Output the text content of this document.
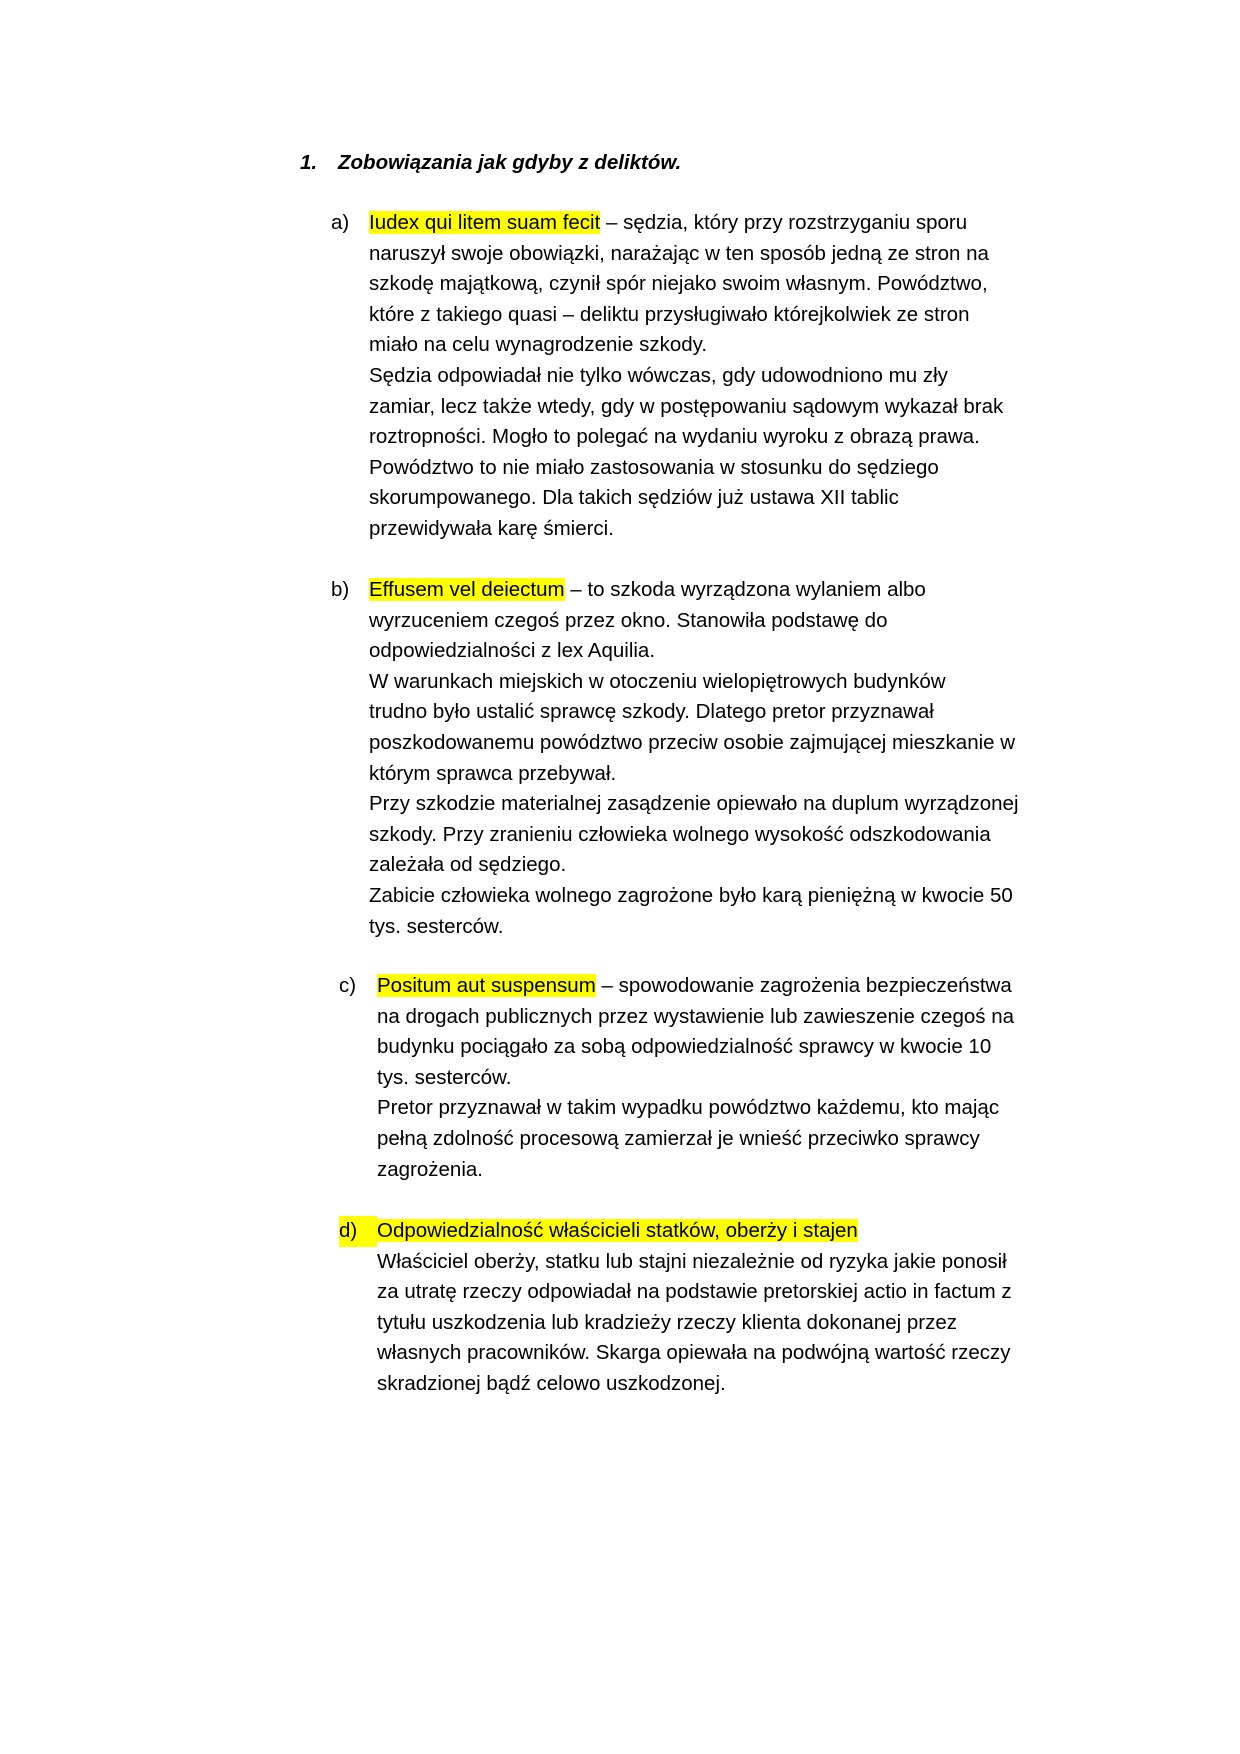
1. Zobowiązania jak gdyby z deliktów.
a) Iudex qui litem suam fecit – sędzia, który przy rozstrzyganiu sporu
naruszył swoje obowiązki, narażając w ten sposób jedną ze stron na
szkodę majątkową, czynił spór niejako swoim własnym. Powództwo,
które z takiego quasi – deliktu przysługiwało którejkolwiek ze stron
miało na celu wynagrodzenie szkody.
Sędzia odpowiadał nie tylko wówczas, gdy udowodniono mu zły
zamiar, lecz także wtedy, gdy w postępowaniu sądowym wykazał brak
roztropności. Mogło to polegać na wydaniu wyroku z obrazą prawa.
Powództwo to nie miało zastosowania w stosunku do sędziego
skorumpowanego. Dla takich sędziów już ustawa XII tablic
przewidywała karę śmierci.
b) Effusem vel deiectum – to szkoda wyrządzona wylaniem albo
wyrzuceniem czegoś przez okno. Stanowiła podstawę do
odpowiedzialności z lex Aquilia.
W warunkach miejskich w otoczeniu wielopiętrowych budynków
trudno było ustalić sprawcę szkody. Dlatego pretor przyznawał
poszkodowanemu powództwo przeciw osobie zajmującej mieszkanie w
którym sprawca przebywał.
Przy szkodzie materialnej zasądzenie opiewało na duplum wyrządzonej
szkody. Przy zranieniu człowieka wolnego wysokość odszkodowania
zależała od sędziego.
Zabicie człowieka wolnego zagrożone było karą pieniężną w kwocie 50
tys. sesterców.
c) Positum aut suspensum – spowodowanie zagrożenia bezpieczeństwa
na drogach publicznych przez wystawienie lub zawieszenie czegoś na
budynku pociągało za sobą odpowiedzialność sprawcy w kwocie 10
tys. sesterców.
Pretor przyznawał w takim wypadku powództwo każdemu, kto mając
pełną zdolność procesową zamierzał je wnieść przeciwko sprawcy
zagrożenia.
d) Odpowiedzialność właścicieli statków, oberży i stajen
Właściciel oberży, statku lub stajni niezależnie od ryzyka jakie ponosił
za utratę rzeczy odpowiadał na podstawie pretorskiej actio in factum z
tytułu uszkodzenia lub kradzieży rzeczy klienta dokonanej przez
własnych pracowników. Skarga opiewała na podwójną wartość rzeczy
skradzionej bądź celowo uszkodzonej.
